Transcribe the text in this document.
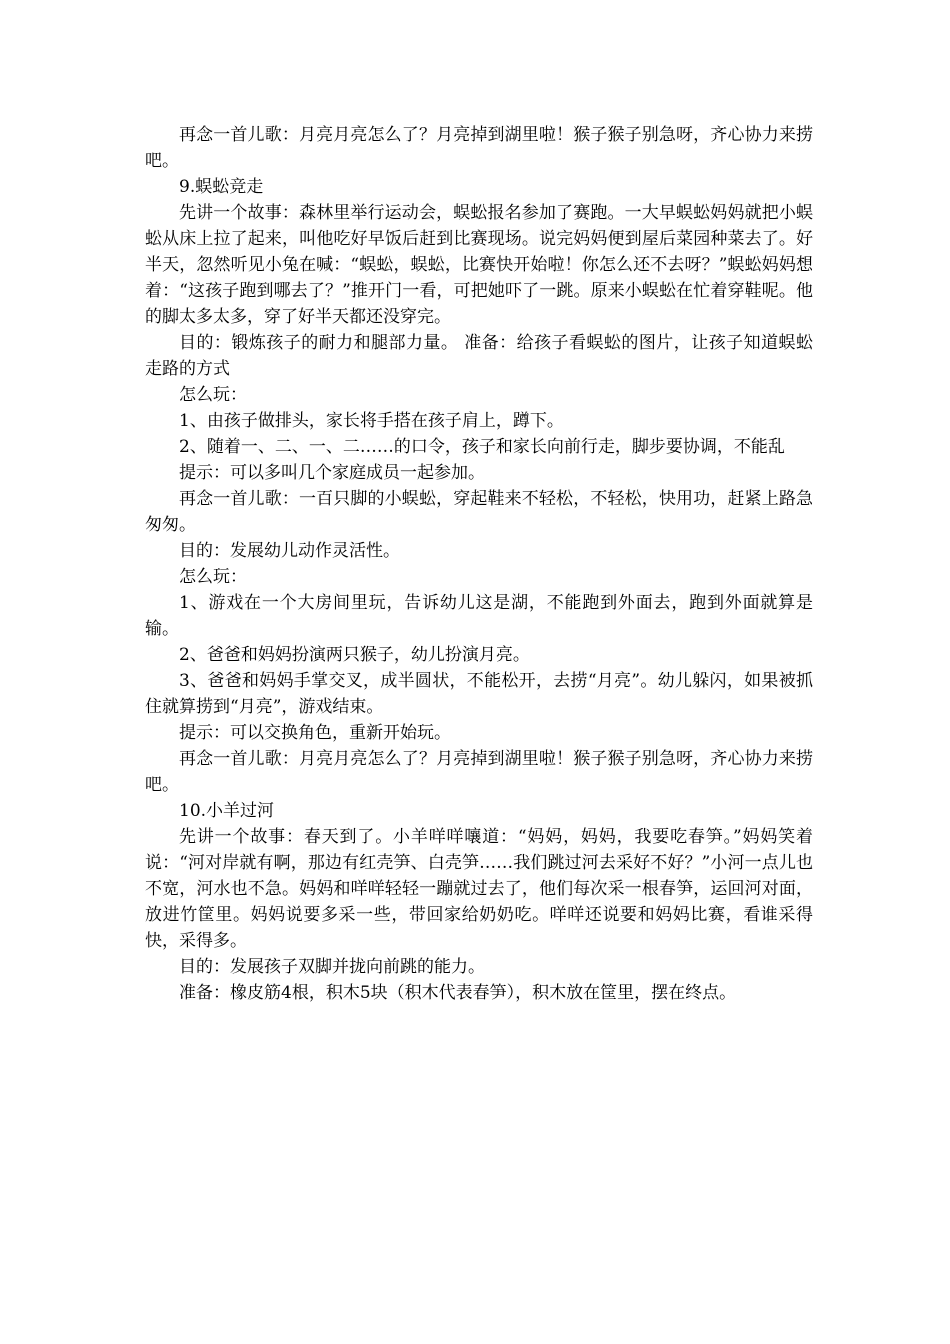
再念一首儿歌：月亮月亮怎么了？月亮掉到湖里啦！猴子猴子别急呀，齐心协力来捞吧。

9.蜈蚣竞走

先讲一个故事：森林里举行运动会，蜈蚣报名参加了赛跑。一大早蜈蚣妈妈就把小蜈蚣从床上拉了起来，叫他吃好早饭后赶到比赛现场。说完妈妈便到屋后菜园种菜去了。好半天，忽然听见小兔在喊：“蜈蚣，蜈蚣，比赛快开始啦！你怎么还不去呀？”蜈蚣妈妈想着：“这孩子跑到哪去了？”推开门一看，可把她吓了一跳。原来小蜈蚣在忙着穿鞋呢。他的脚太多太多，穿了好半天都还没穿完。

目的：锻炼孩子的耐力和腿部力量。 准备：给孩子看蜈蚣的图片，让孩子知道蜈蚣走路的方式

怎么玩：

1、由孩子做排头，家长将手搭在孩子肩上，蹲下。

2、随着一、二、一、二……的口令，孩子和家长向前行走，脚步要协调，不能乱

提示：可以多叫几个家庭成员一起参加。

再念一首儿歌：一百只脚的小蜈蚣，穿起鞋来不轻松，不轻松，快用功，赶紧上路急匆匆。

目的：发展幼儿动作灵活性。

怎么玩：

1、游戏在一个大房间里玩，告诉幼儿这是湖，不能跑到外面去，跑到外面就算是输。

2、爸爸和妈妈扮演两只猴子，幼儿扮演月亮。

3、爸爸和妈妈手掌交叉，成半圆状，不能松开，去捞“月亮”。幼儿躲闪，如果被抓住就算捞到“月亮”，游戏结束。

提示：可以交换角色，重新开始玩。

再念一首儿歌：月亮月亮怎么了？月亮掉到湖里啦！猴子猴子别急呀，齐心协力来捞吧。

10.小羊过河

先讲一个故事：春天到了。小羊咩咩嚷道：“妈妈，妈妈，我要吃春笋。”妈妈笑着说：“河对岸就有啊，那边有红壳笋、白壳笋……我们跳过河去采好不好？”小河一点儿也不宽，河水也不急。妈妈和咩咩轻轻一蹦就过去了，他们每次采一根春笋，运回河对面，放进竹筐里。妈妈说要多采一些，带回家给奶奶吃。咩咩还说要和妈妈比赛，看谁采得快，采得多。

目的：发展孩子双脚并拢向前跳的能力。

准备：橡皮筋4根，积木5块（积木代表春笋），积木放在筐里，摆在终点。
